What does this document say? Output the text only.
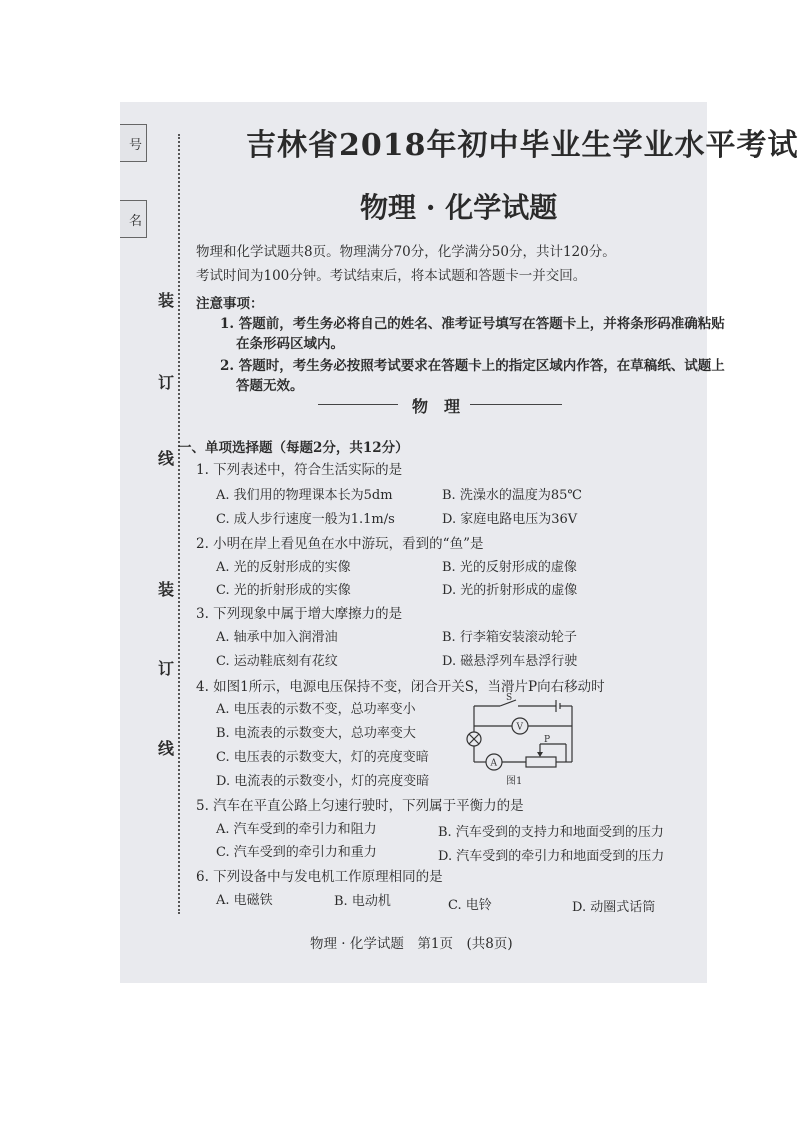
号
名
装
订
线
装
订
线
吉林省2018年初中毕业生学业水平考试
物理 · 化学试题
物理和化学试题共8页。物理满分70分，化学满分50分，共计120分。
考试时间为100分钟。考试结束后，将本试题和答题卡一并交回。
注意事项：
1. 答题前，考生务必将自己的姓名、准考证号填写在答题卡上，并将条形码准确粘贴
在条形码区域内。
2. 答题时，考生务必按照考试要求在答题卡上的指定区域内作答，在草稿纸、试题上
答题无效。
物　理
一、单项选择题（每题2分，共12分）
1. 下列表述中，符合生活实际的是
A. 我们用的物理课本长为5dm	B. 洗澡水的温度为85℃
C. 成人步行速度一般为1.1m/s	D. 家庭电路电压为36V
2. 小明在岸上看见鱼在水中游玩，看到的“鱼”是
A. 光的反射形成的实像	B. 光的反射形成的虚像
C. 光的折射形成的实像	D. 光的折射形成的虚像
3. 下列现象中属于增大摩擦力的是
A. 轴承中加入润滑油	B. 行李箱安装滚动轮子
C. 运动鞋底刻有花纹	D. 磁悬浮列车悬浮行驶
4. 如图1所示，电源电压保持不变，闭合开关S，当滑片P向右移动时
A. 电压表的示数不变，总功率变小
B. 电流表的示数变大，总功率变大
C. 电压表的示数变大，灯的亮度变暗
D. 电流表的示数变小，灯的亮度变暗
S
V
A
P
图1
5. 汽车在平直公路上匀速行驶时，下列属于平衡力的是
A. 汽车受到的牵引力和阻力	B. 汽车受到的支持力和地面受到的压力
C. 汽车受到的牵引力和重力	D. 汽车受到的牵引力和地面受到的压力
6. 下列设备中与发电机工作原理相同的是
A. 电磁铁	B. 电动机	C. 电铃	D. 动圈式话筒
物理 · 化学试题　第1页　(共8页)
